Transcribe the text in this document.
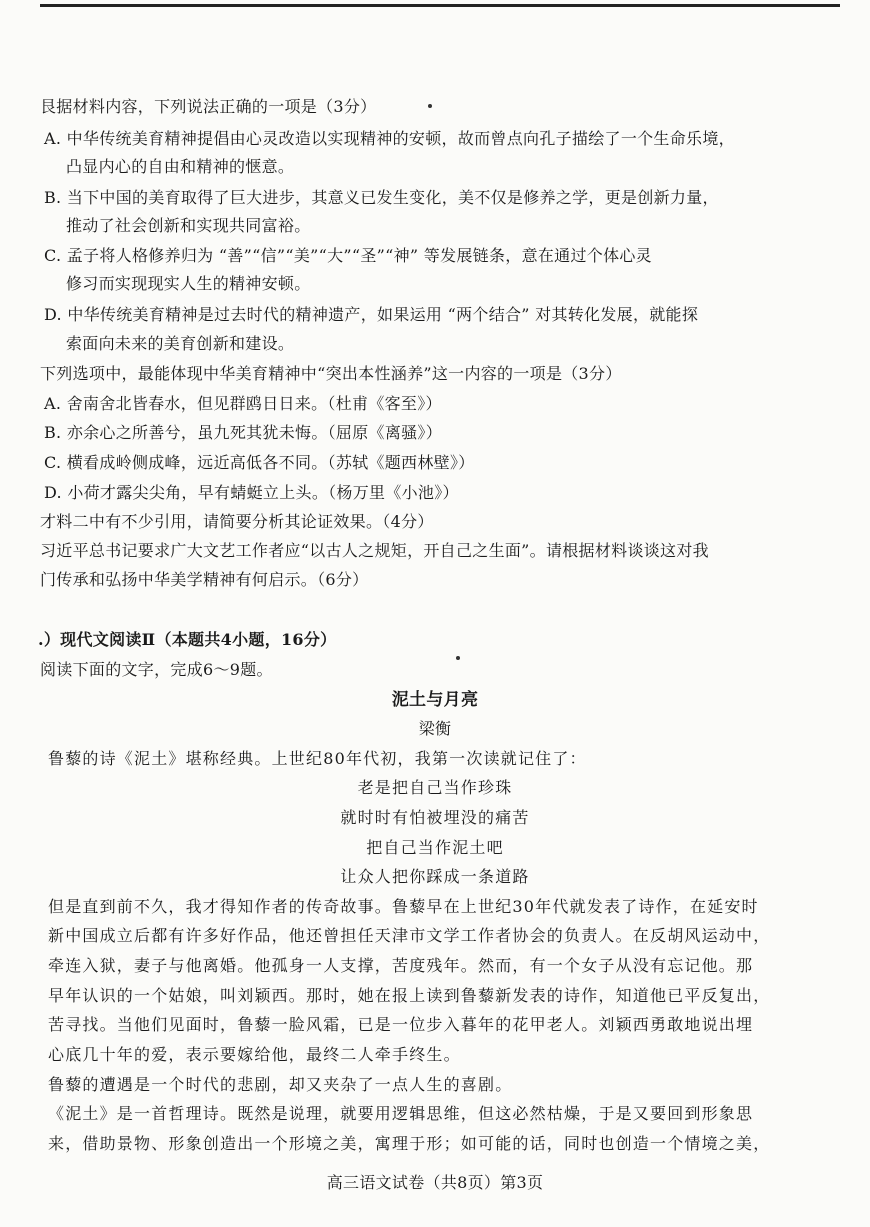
艮据材料内容，下列说法正确的一项是（3分）
A. 中华传统美育精神提倡由心灵改造以实现精神的安顿，故而曾点向孔子描绘了一个生命乐境，
凸显内心的自由和精神的惬意。
B. 当下中国的美育取得了巨大进步，其意义已发生变化，美不仅是修养之学，更是创新力量，
推动了社会创新和实现共同富裕。
C. 孟子将人格修养归为 “善”“信”“美”“大”“圣”“神” 等发展链条，意在通过个体心灵
修习而实现现实人生的精神安顿。
D. 中华传统美育精神是过去时代的精神遗产，如果运用 “两个结合” 对其转化发展，就能探
索面向未来的美育创新和建设。
下列选项中，最能体现中华美育精神中“突出本性涵养”这一内容的一项是（3分）
A. 舍南舍北皆春水，但见群鸥日日来。（杜甫《客至》）
B. 亦余心之所善兮，虽九死其犹未悔。（屈原《离骚》）
C. 横看成岭侧成峰，远近高低各不同。（苏轼《题西林壁》）
D. 小荷才露尖尖角，早有蜻蜓立上头。（杨万里《小池》）
才料二中有不少引用，请简要分析其论证效果。（4分）
习近平总书记要求广大文艺工作者应“以古人之规矩，开自己之生面”。请根据材料谈谈这对我
门传承和弘扬中华美学精神有何启示。（6分）
.）现代文阅读Ⅱ（本题共4小题，16分）
阅读下面的文字，完成6～9题。
泥土与月亮
梁衡
鲁藜的诗《泥土》堪称经典。上世纪80年代初，我第一次读就记住了：
老是把自己当作珍珠
就时时有怕被埋没的痛苦
把自己当作泥土吧
让众人把你踩成一条道路
但是直到前不久，我才得知作者的传奇故事。鲁藜早在上世纪30年代就发表了诗作，在延安时
新中国成立后都有许多好作品，他还曾担任天津市文学工作者协会的负责人。在反胡风运动中，
牵连入狱，妻子与他离婚。他孤身一人支撑，苦度残年。然而，有一个女子从没有忘记他。那
早年认识的一个姑娘，叫刘颖西。那时，她在报上读到鲁藜新发表的诗作，知道他已平反复出，
苦寻找。当他们见面时，鲁藜一脸风霜，已是一位步入暮年的花甲老人。刘颖西勇敢地说出埋
心底几十年的爱，表示要嫁给他，最终二人牵手终生。
鲁藜的遭遇是一个时代的悲剧，却又夹杂了一点人生的喜剧。
《泥土》是一首哲理诗。既然是说理，就要用逻辑思维，但这必然枯燥，于是又要回到形象思
来，借助景物、形象创造出一个形境之美，寓理于形；如可能的话，同时也创造一个情境之美，
高三语文试卷（共8页）第3页
